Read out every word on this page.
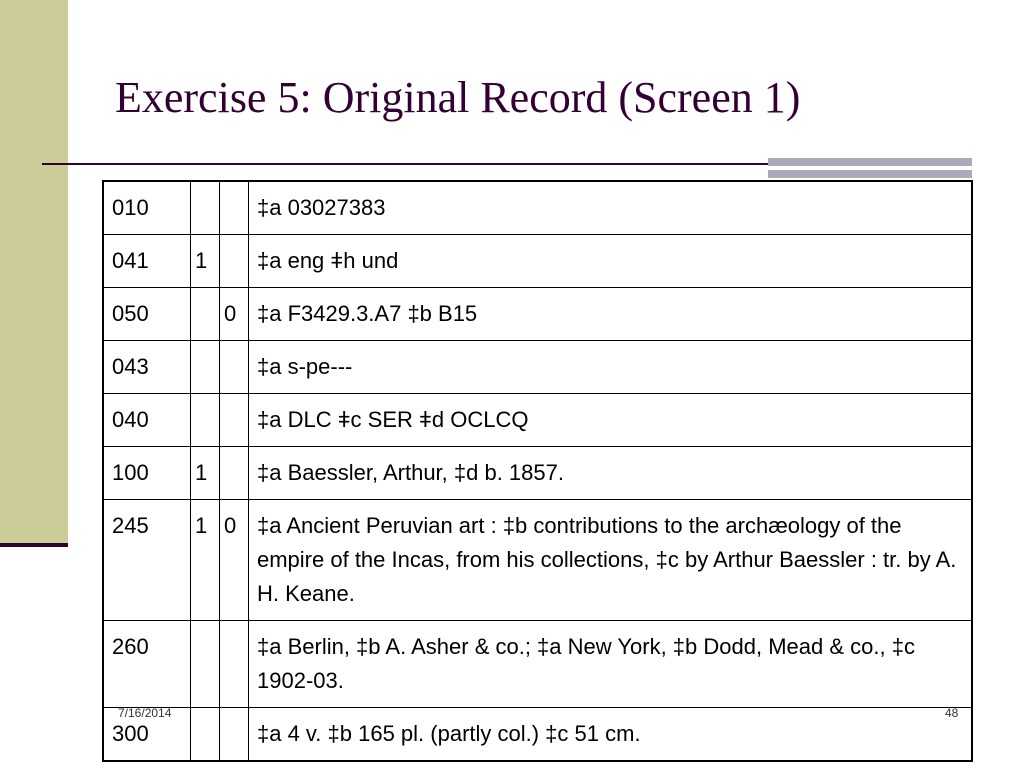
Exercise 5: Original Record (Screen 1)
010			‡a 03027383
041	1		‡a eng ǂh und
050		0	‡a F3429.3.A7 ‡b B15
043			‡a s-pe---
040			‡a DLC ǂc SER ǂd OCLCQ
100	1		‡a Baessler, Arthur, ‡d b. 1857.
245	1	0	‡a Ancient Peruvian art : ‡b contributions to the archæology of the empire of the Incas, from his collections, ‡c by Arthur Baessler : tr. by A. H. Keane.
260			‡a Berlin, ‡b A. Asher & co.; ‡a New York, ‡b Dodd, Mead & co., ‡c 1902-03.
300			‡a 4 v. ‡b 165 pl. (partly col.) ‡c 51 cm.
7/16/2014	48
